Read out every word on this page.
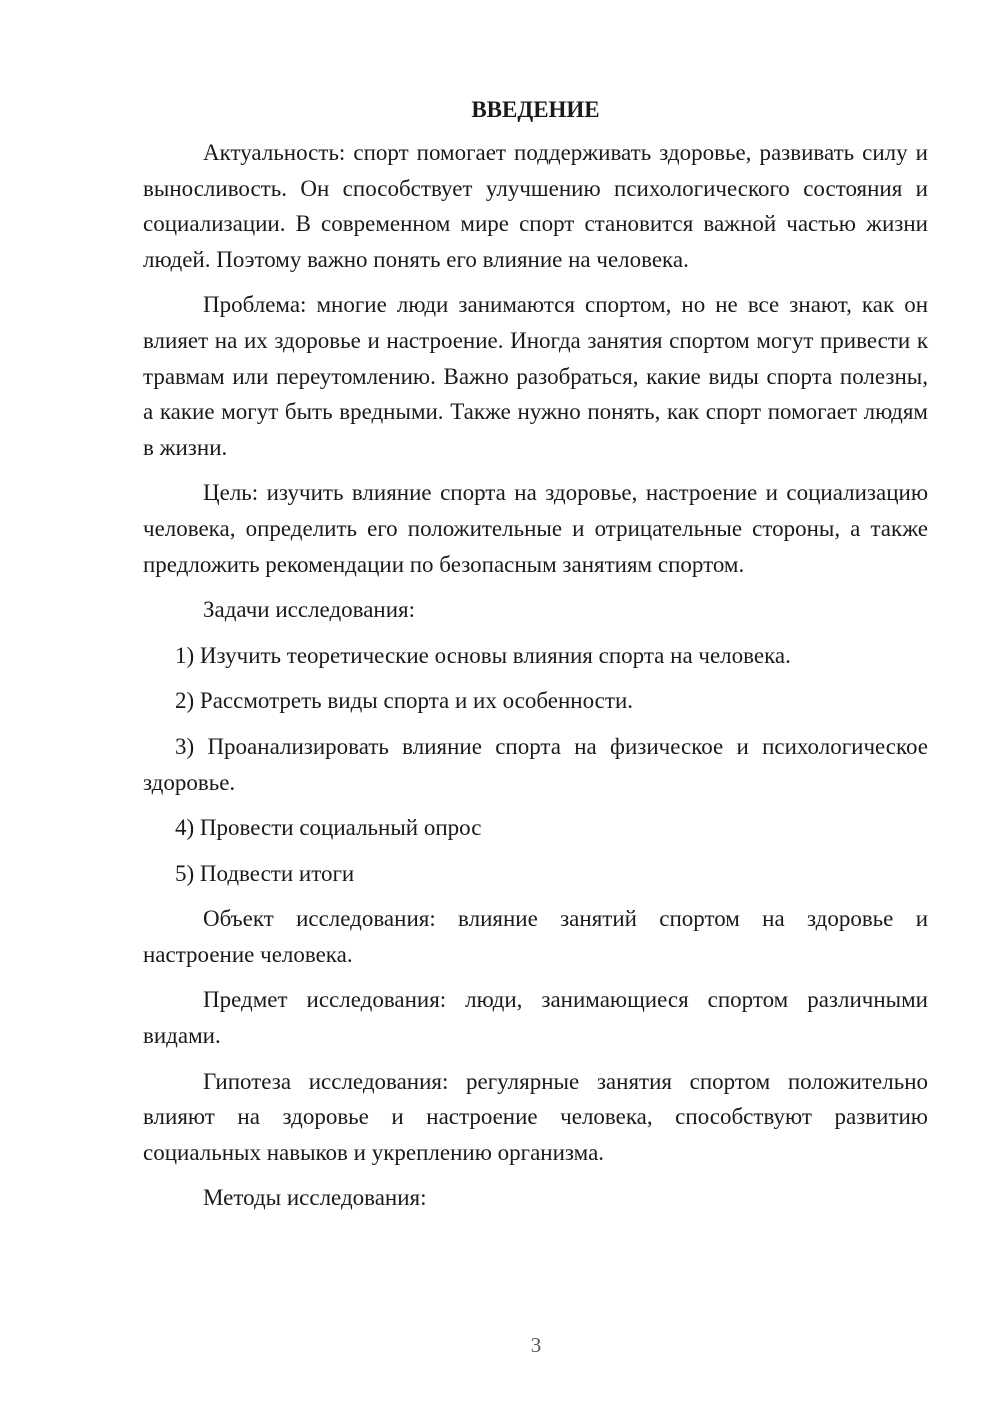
ВВЕДЕНИЕ

Актуальность: спорт помогает поддерживать здоровье, развивать силу и выносливость. Он способствует улучшению психологического состояния и социализации. В современном мире спорт становится важной частью жизни людей. Поэтому важно понять его влияние на человека.

Проблема: многие люди занимаются спортом, но не все знают, как он влияет на их здоровье и настроение. Иногда занятия спортом могут привести к травмам или переутомлению. Важно разобраться, какие виды спорта полезны, а какие могут быть вредными. Также нужно понять, как спорт помогает людям в жизни.

Цель: изучить влияние спорта на здоровье, настроение и социализацию человека, определить его положительные и отрицательные стороны, а также предложить рекомендации по безопасным занятиям спортом.

Задачи исследования:

1) Изучить теоретические основы влияния спорта на человека.

2) Рассмотреть виды спорта и их особенности.

3) Проанализировать влияние спорта на физическое и психологическое здоровье.

4) Провести социальный опрос

5) Подвести итоги

Объект исследования: влияние занятий спортом на здоровье и настроение человека.

Предмет исследования: люди, занимающиеся спортом различными видами.

Гипотеза исследования: регулярные занятия спортом положительно влияют на здоровье и настроение человека, способствуют развитию социальных навыков и укреплению организма.

Методы исследования:

3
